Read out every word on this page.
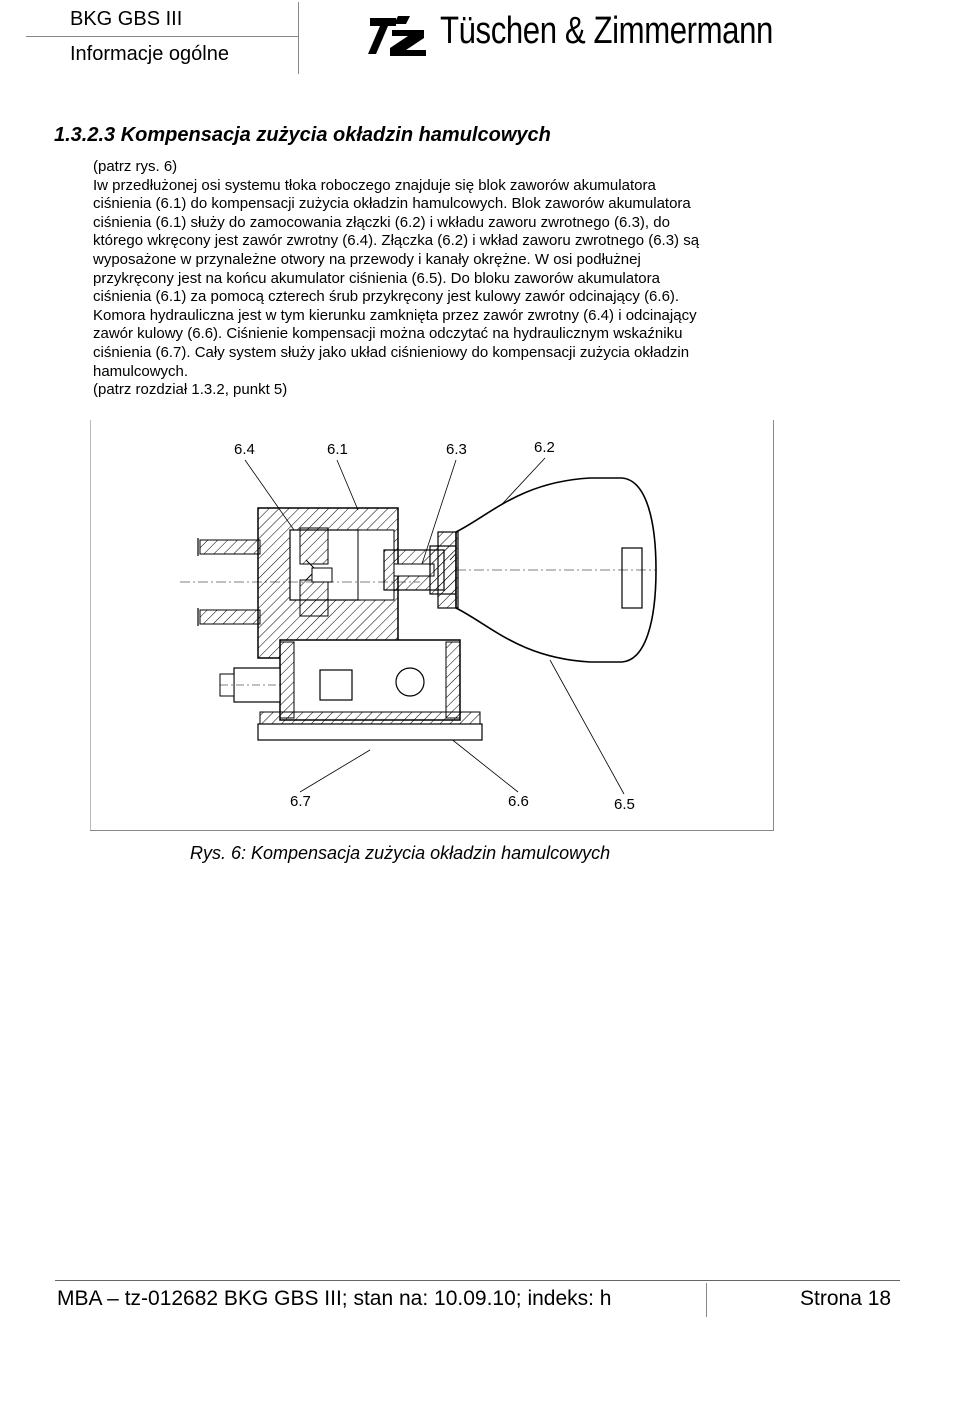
BKG GBS III
Informacje ogólne
Tüschen & Zimmermann
1.3.2.3 Kompensacja zużycia okładzin hamulcowych
(patrz rys. 6)
Iw przedłużonej osi systemu tłoka roboczego znajduje się blok zaworów akumulatora
ciśnienia (6.1) do kompensacji zużycia okładzin hamulcowych. Blok zaworów akumulatora
ciśnienia (6.1) służy do zamocowania złączki (6.2) i wkładu zaworu zwrotnego (6.3), do
którego wkręcony jest zawór zwrotny (6.4). Złączka (6.2) i wkład zaworu zwrotnego (6.3) są
wyposażone w przynależne otwory na przewody i kanały okrężne. W osi podłużnej
przykręcony jest na końcu akumulator ciśnienia (6.5). Do bloku zaworów akumulatora
ciśnienia (6.1) za pomocą czterech śrub przykręcony jest kulowy zawór odcinający (6.6).
Komora hydrauliczna jest w tym kierunku zamknięta przez zawór zwrotny (6.4) i odcinający
zawór kulowy (6.6). Ciśnienie kompensacji można odczytać na hydraulicznym wskaźniku
ciśnienia (6.7). Cały system służy jako układ ciśnieniowy do kompensacji zużycia okładzin
hamulcowych.
(patrz rozdział 1.3.2, punkt 5)
6.4	6.1	6.3	6.2
6.7	6.6	6.5
Rys. 6: Kompensacja zużycia okładzin hamulcowych
MBA – tz-012682 BKG GBS III; stan na: 10.09.10; indeks: h	Strona 18
